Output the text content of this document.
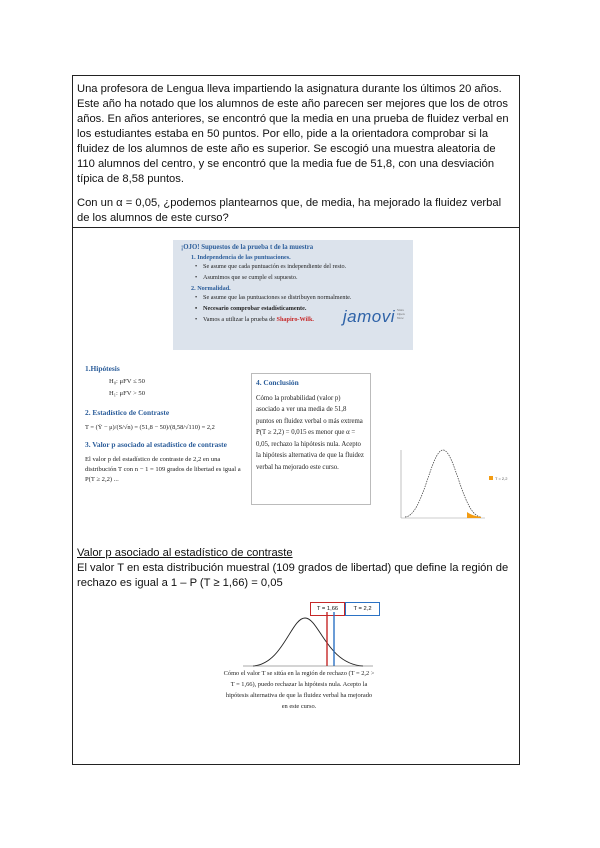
Una profesora de Lengua lleva impartiendo la asignatura durante los últimos 20 años. Este año ha notado que los alumnos de este año parecen ser mejores que los de otros años. En años anteriores, se encontró que la media en una prueba de fluidez verbal en los estudiantes estaba en 50 puntos. Por ello, pide a la orientadora comprobar si la fluidez de los alumnos de este año es superior. Se escogió una muestra aleatoria de 110 alumnos del centro, y se encontró que la media fue de 51,8, con una desviación típica de 8,58 puntos.

Con un α = 0,05, ¿podemos plantearnos que, de media, ha mejorado la fluidez verbal de los alumnos de este curso?

¡OJO! Supuestos de la prueba t de la muestra
1. Independencia de las puntuaciones.
• Se asume que cada puntuación es independiente del resto.
• Asumimos que se cumple el supuesto.
2. Normalidad.
• Se asume que las puntuaciones se distribuyen normalmente.
• Necesario comprobar estadísticamente.
• Vamos a utilizar la prueba de Shapiro-Wilk.	jamovi Stats Open Now
1.Hipótesis
H₀: μFV ≤ 50
H₁: μFV > 50
2. Estadístico de Contraste
T = (Ȳ − μ)/(S/√n) = (51,8 − 50)/(8,58/√110) = 2,2
3. Valor p asociado al estadístico de contraste
El valor p del estadístico de contraste de 2,2 en una distribución T con n − 1 = 109 grados de libertad es igual a P(T ≥ 2,2) ...
4. Conclusión
Cómo la probabilidad (valor p) asociado a ver una media de 51,8 puntos en fluidez verbal o más extrema P(T ≥ 2,2) = 0,015 es menor que α = 0,05, rechazo la hipótesis nula. Acepto la hipótesis alternativa de que la fluidez verbal ha mejorado este curso.
T = 2,2
Valor p asociado al estadístico de contraste
El valor T en esta distribución muestral (109 grados de libertad) que define la región de rechazo es igual a 1 – P (T ≥ 1,66) = 0,05
T = 1,66	T = 2,2
Cómo el valor T se sitúa en la región de rechazo (T = 2,2 > T = 1,66), puedo rechazar la hipótesis nula. Acepto la hipótesis alternativa de que la fluidez verbal ha mejorado en este curso.
